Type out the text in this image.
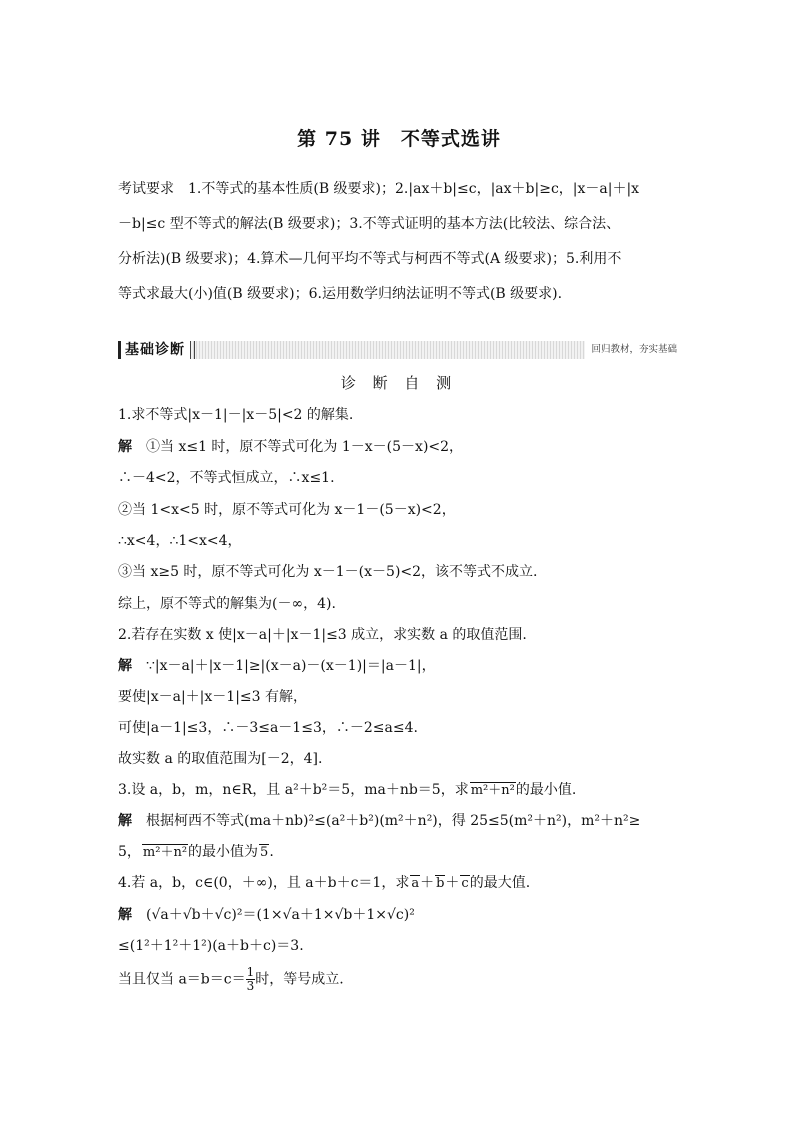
第 75 讲　不等式选讲
考试要求　1.不等式的基本性质(B 级要求)；2.|ax＋b|≤c，|ax＋b|≥c，|x－a|＋|x
－b|≤c 型不等式的解法(B 级要求)；3.不等式证明的基本方法(比较法、综合法、
分析法)(B 级要求)；4.算术—几何平均不等式与柯西不等式(A 级要求)；5.利用不
等式求最大(小)值(B 级要求)；6.运用数学归纳法证明不等式(B 级要求).
基础诊断	回归教材，夯实基础
诊 断 自 测
1.求不等式|x－1|－|x－5|<2 的解集.
解 ①当 x≤1 时，原不等式可化为 1－x－(5－x)<2，
∴－4<2，不等式恒成立，∴x≤1.
②当 1<x<5 时，原不等式可化为 x－1－(5－x)<2，
∴x<4，∴1<x<4，
③当 x≥5 时，原不等式可化为 x－1－(x－5)<2，该不等式不成立.
综上，原不等式的解集为(－∞，4).
2.若存在实数 x 使|x－a|＋|x－1|≤3 成立，求实数 a 的取值范围.
解 ∵|x－a|＋|x－1|≥|(x－a)－(x－1)|＝|a－1|，
要使|x－a|＋|x－1|≤3 有解，
可使|a－1|≤3，∴－3≤a－1≤3，∴－2≤a≤4.
故实数 a 的取值范围为[－2，4].
3.设 a，b，m，n∈R，且 a²＋b²＝5，ma＋nb＝5，求 m²＋n²的最小值.
解 根据柯西不等式(ma＋nb)²≤(a²＋b²)(m²＋n²)，得 25≤5(m²＋n²)，m²＋n²≥
5， m²＋n²的最小值为 5.
4.若 a，b，c∈(0，＋∞)，且 a＋b＋c＝1，求 a＋ b＋ c的最大值.
解 (√a＋√b＋√c)²＝(1×√a＋1×√b＋1×√c)²
≤(1²＋1²＋1²)(a＋b＋c)＝3.
当且仅当 $a=b=c= \frac{1}{3}$ 时，等号成立.
